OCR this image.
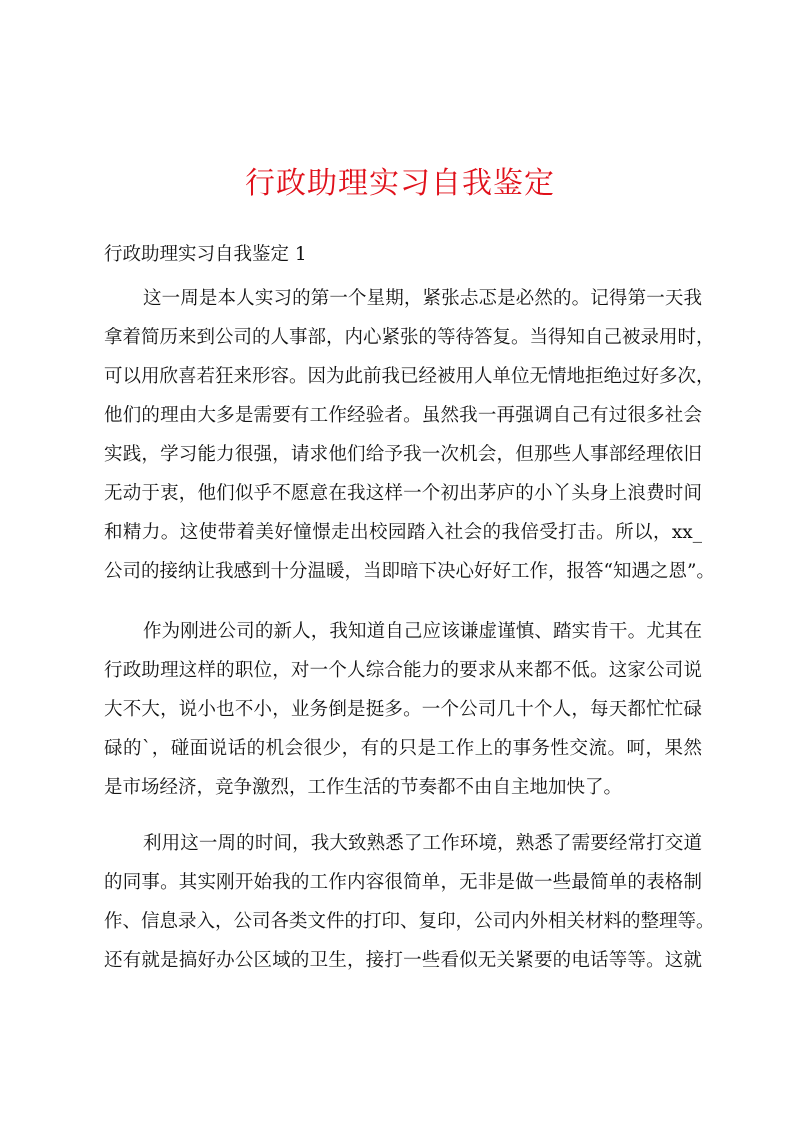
行政助理实习自我鉴定

行政助理实习自我鉴定 1

这一周是本人实习的第一个星期，紧张忐忑是必然的。记得第一天我

拿着简历来到公司的人事部，内心紧张的等待答复。当得知自己被录用时，

可以用欣喜若狂来形容。因为此前我已经被用人单位无情地拒绝过好多次，

他们的理由大多是需要有工作经验者。虽然我一再强调自己有过很多社会

实践，学习能力很强，请求他们给予我一次机会，但那些人事部经理依旧

无动于衷，他们似乎不愿意在我这样一个初出茅庐的小丫头身上浪费时间

和精力。这使带着美好憧憬走出校园踏入社会的我倍受打击。所以，xx_

公司的接纳让我感到十分温暖，当即暗下决心好好工作，报答“知遇之恩”。

作为刚进公司的新人，我知道自己应该谦虚谨慎、踏实肯干。尤其在

行政助理这样的职位，对一个人综合能力的要求从来都不低。这家公司说

大不大，说小也不小，业务倒是挺多。一个公司几十个人，每天都忙忙碌

碌的`，碰面说话的机会很少，有的只是工作上的事务性交流。呵，果然

是市场经济，竞争激烈，工作生活的节奏都不由自主地加快了。

利用这一周的时间，我大致熟悉了工作环境，熟悉了需要经常打交道

的同事。其实刚开始我的工作内容很简单，无非是做一些最简单的表格制

作、信息录入，公司各类文件的打印、复印，公司内外相关材料的整理等。

还有就是搞好办公区域的卫生，接打一些看似无关紧要的电话等等。这就
